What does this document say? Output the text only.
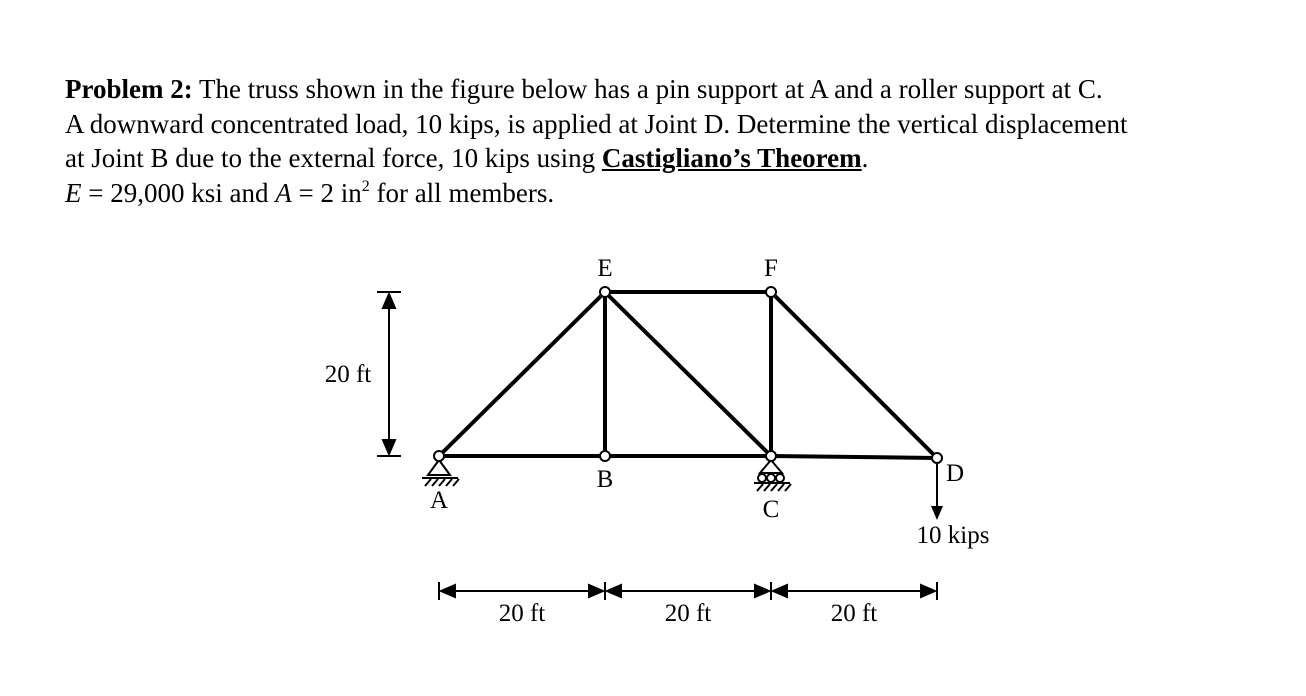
Problem 2: The truss shown in the figure below has a pin support at A and a roller support at C.
A downward concentrated load, 10 kips, is applied at Joint D. Determine the vertical displacement
at Joint B due to the external force, 10 kips using Castigliano’s Theorem.
E = 29,000 ksi and A = 2 $in^2$ for all members.
E	F
A
B
C
D
20 ft
10 kips
20 ft	20 ft	20 ft
